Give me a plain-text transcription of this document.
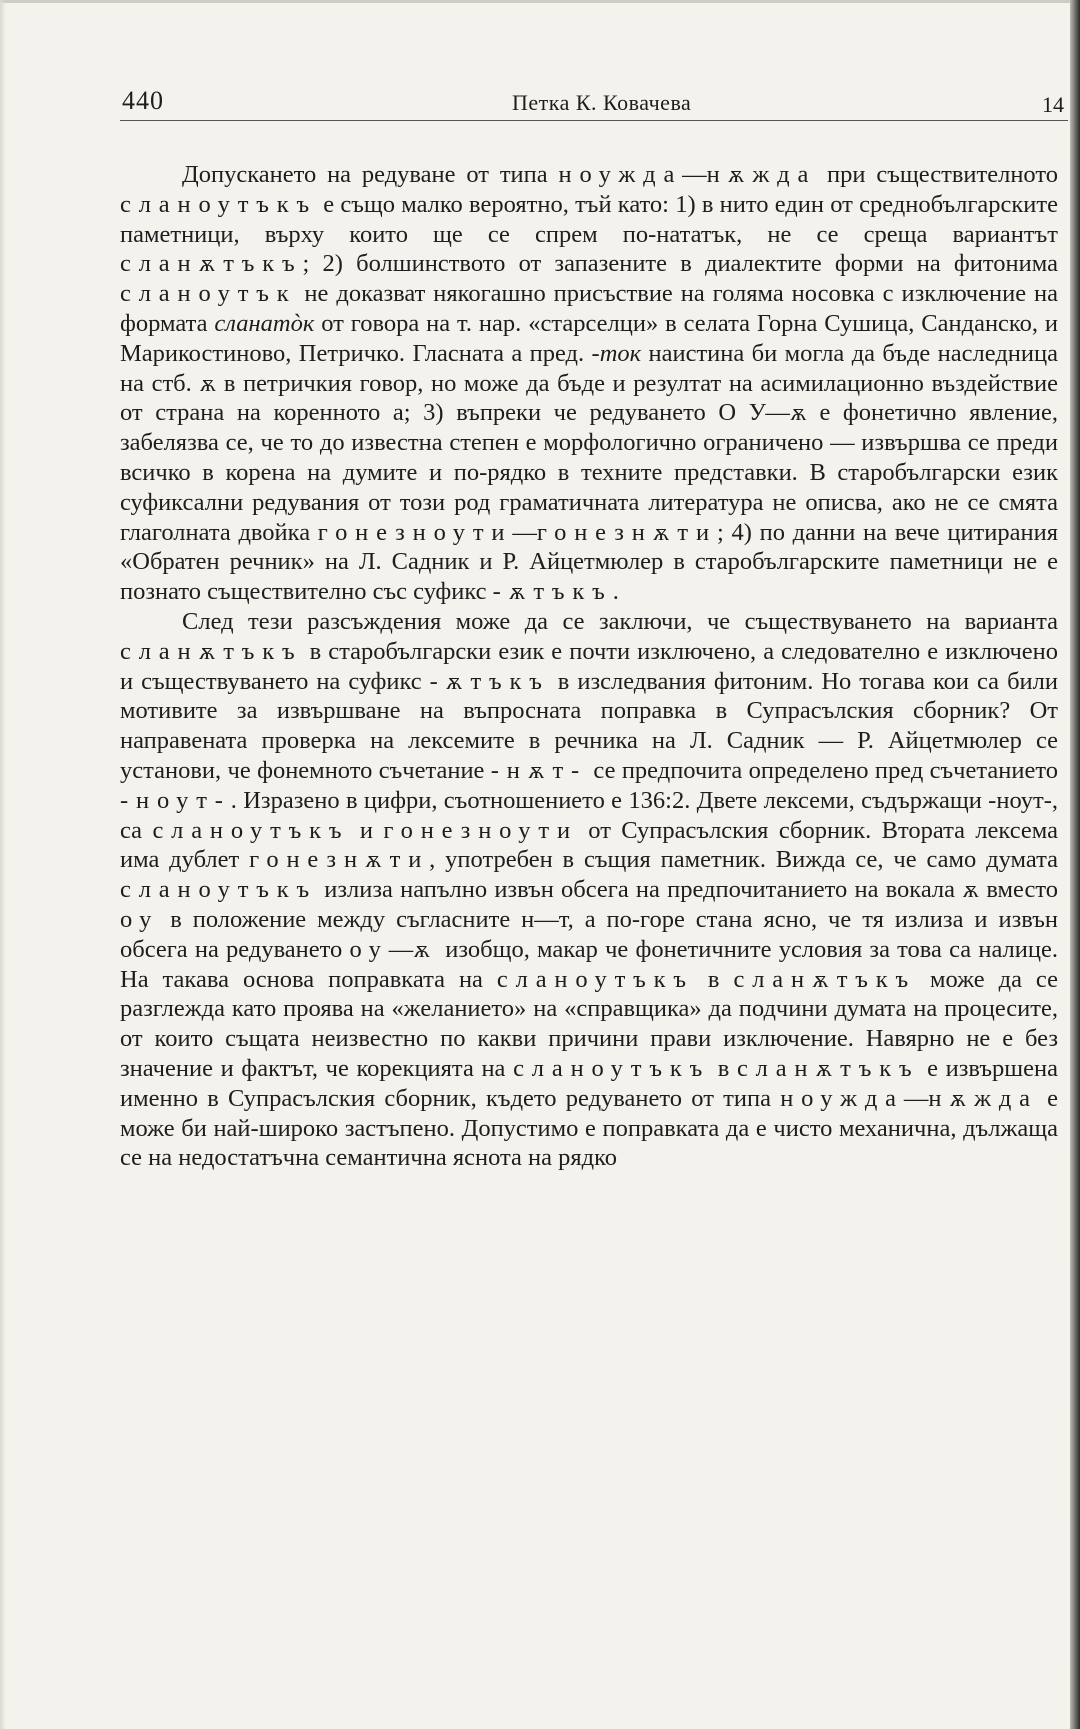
440	Петка К. Ковачева	14

Допускането на редуване от типа ноужда—нѫжда при съществителното сланоутъкъ е също малко вероятно, тъй като: 1) в нито един от среднобългарските паметници, върху които ще се спрем по-нататък, не се среща вариантът сланѫтъкъ; 2) болшинството от запазените в диалектите форми на фитонима сланоутък не доказват някогашно присъствие на голяма носовка с изключение на формата сланатòк от говора на т. нар. «старселци» в селата Горна Сушица, Санданско, и Марикостиново, Петричко. Гласната а пред. -ток наистина би могла да бъде наследница на стб. ѫ в петричкия говор, но може да бъде и резултат на асимилационно въздействие от страна на коренното а; 3) въпреки че редуването О У—ѫ е фонетично явление, забелязва се, че то до известна степен е морфологично ограничено — извършва се преди всичко в корена на думите и по-рядко в техните представки. В старобългарски език суфиксални редувания от този род граматичната литература не описва, ако не се смята глаголната двойка гонезноути—гонезнѫти; 4) по данни на вече цитирания «Обратен речник» на Л. Садник и Р. Айцетмюлер в старобългарските паметници не е познато съществително със суфикс -ѫтъкъ.

След тези разсъждения може да се заключи, че съществуването на варианта сланѫтъкъ в старобългарски език е почти изключено, а следователно е изключено и съществуването на суфикс -ѫтъкъ в изследвания фитоним. Но тогава кои са били мотивите за извършване на въпросната поправка в Супрасълския сборник? От направената проверка на лексемите в речника на Л. Садник — Р. Айцетмюлер се установи, че фонемното съчетание -нѫт- се предпочита определено пред съчетанието -ноут-. Изразено в цифри, съотношението е 136:2. Двете лексеми, съдържащи -ноут-, са сланоутъкъ и гонезноути от Супрасълския сборник. Втората лексема има дублет гонезнѫти, употребен в същия паметник. Вижда се, че само думата сланоутъкъ излиза напълно извън обсега на предпочитанието на вокала ѫ вместо оу в положение между съгласните н—т, а по-горе стана ясно, че тя излиза и извън обсега на редуването оу—ѫ изобщо, макар че фонетичните условия за това са налице. На такава основа поправката на сланоутъкъ в сланѫтъкъ може да се разглежда като проява на «желанието» на «справщика» да подчини думата на процесите, от които същата неизвестно по какви причини прави изключение. Навярно не е без значение и фактът, че корекцията на сланоутъкъ в сланѫтъкъ е извършена именно в Супрасълския сборник, където редуването от типа ноужда—нѫжда е може би най-широко застъпено. Допустимо е поправката да е чисто механична, дължаща се на недостатъчна семантична яснота на рядко
